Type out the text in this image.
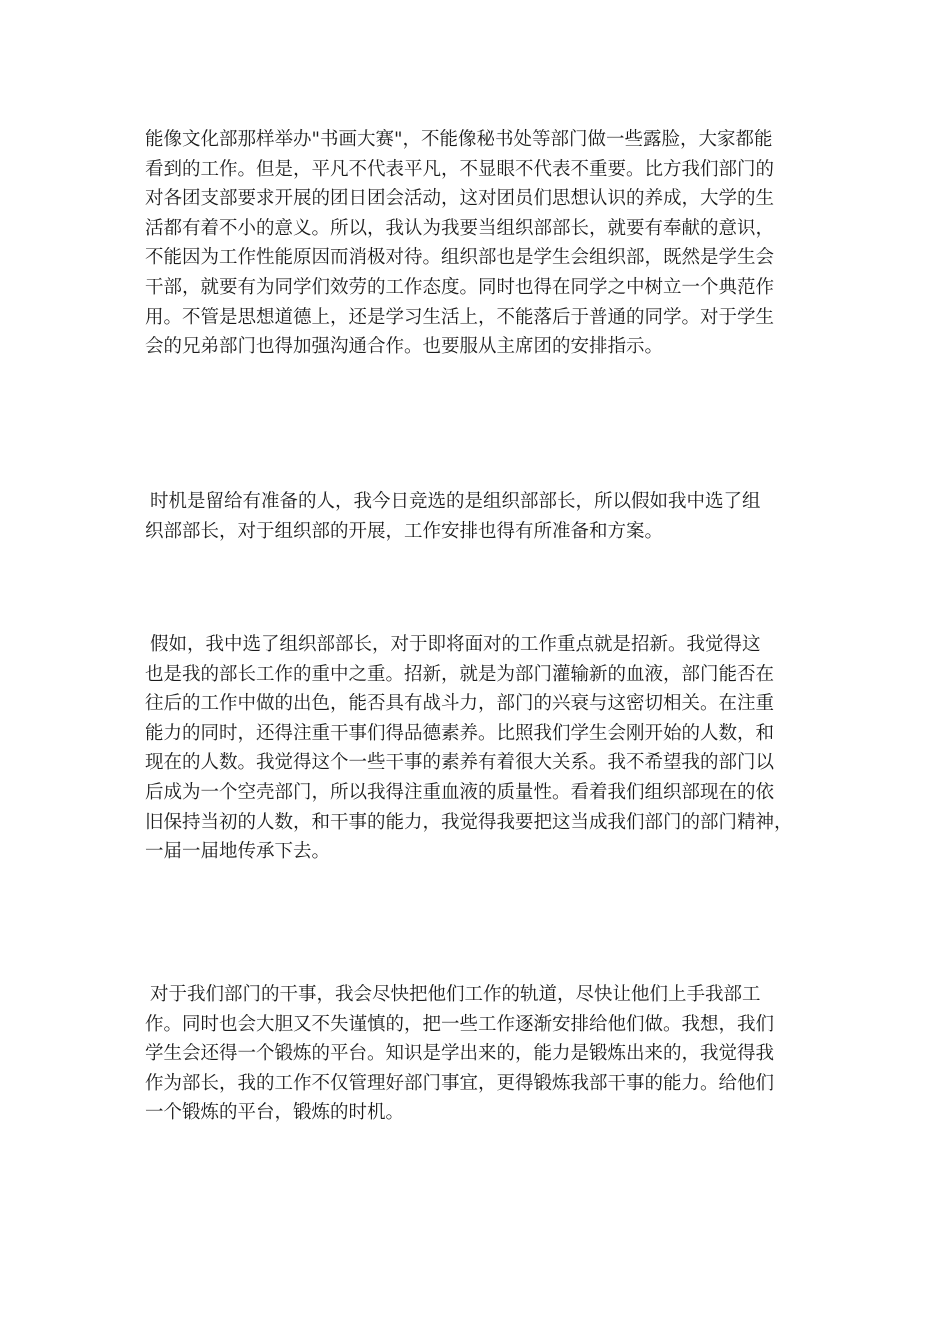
能像文化部那样举办"书画大赛"，不能像秘书处等部门做一些露脸，大家都能
看到的工作。但是，平凡不代表平凡，不显眼不代表不重要。比方我们部门的
对各团支部要求开展的团日团会活动，这对团员们思想认识的养成，大学的生
活都有着不小的意义。所以，我认为我要当组织部部长，就要有奉献的意识，
不能因为工作性能原因而消极对待。组织部也是学生会组织部，既然是学生会
干部，就要有为同学们效劳的工作态度。同时也得在同学之中树立一个典范作
用。不管是思想道德上，还是学习生活上，不能落后于普通的同学。对于学生
会的兄弟部门也得加强沟通合作。也要服从主席团的安排指示。

时机是留给有准备的人，我今日竞选的是组织部部长，所以假如我中选了组
织部部长，对于组织部的开展，工作安排也得有所准备和方案。

假如，我中选了组织部部长，对于即将面对的工作重点就是招新。我觉得这
也是我的部长工作的重中之重。招新，就是为部门灌输新的血液，部门能否在
往后的工作中做的出色，能否具有战斗力，部门的兴衰与这密切相关。在注重
能力的同时，还得注重干事们得品德素养。比照我们学生会刚开始的人数，和
现在的人数。我觉得这个一些干事的素养有着很大关系。我不希望我的部门以
后成为一个空壳部门，所以我得注重血液的质量性。看着我们组织部现在的依
旧保持当初的人数，和干事的能力，我觉得我要把这当成我们部门的部门精神，
一届一届地传承下去。

对于我们部门的干事，我会尽快把他们工作的轨道，尽快让他们上手我部工
作。同时也会大胆又不失谨慎的，把一些工作逐渐安排给他们做。我想，我们
学生会还得一个锻炼的平台。知识是学出来的，能力是锻炼出来的，我觉得我
作为部长，我的工作不仅管理好部门事宜，更得锻炼我部干事的能力。给他们
一个锻炼的平台，锻炼的时机。
